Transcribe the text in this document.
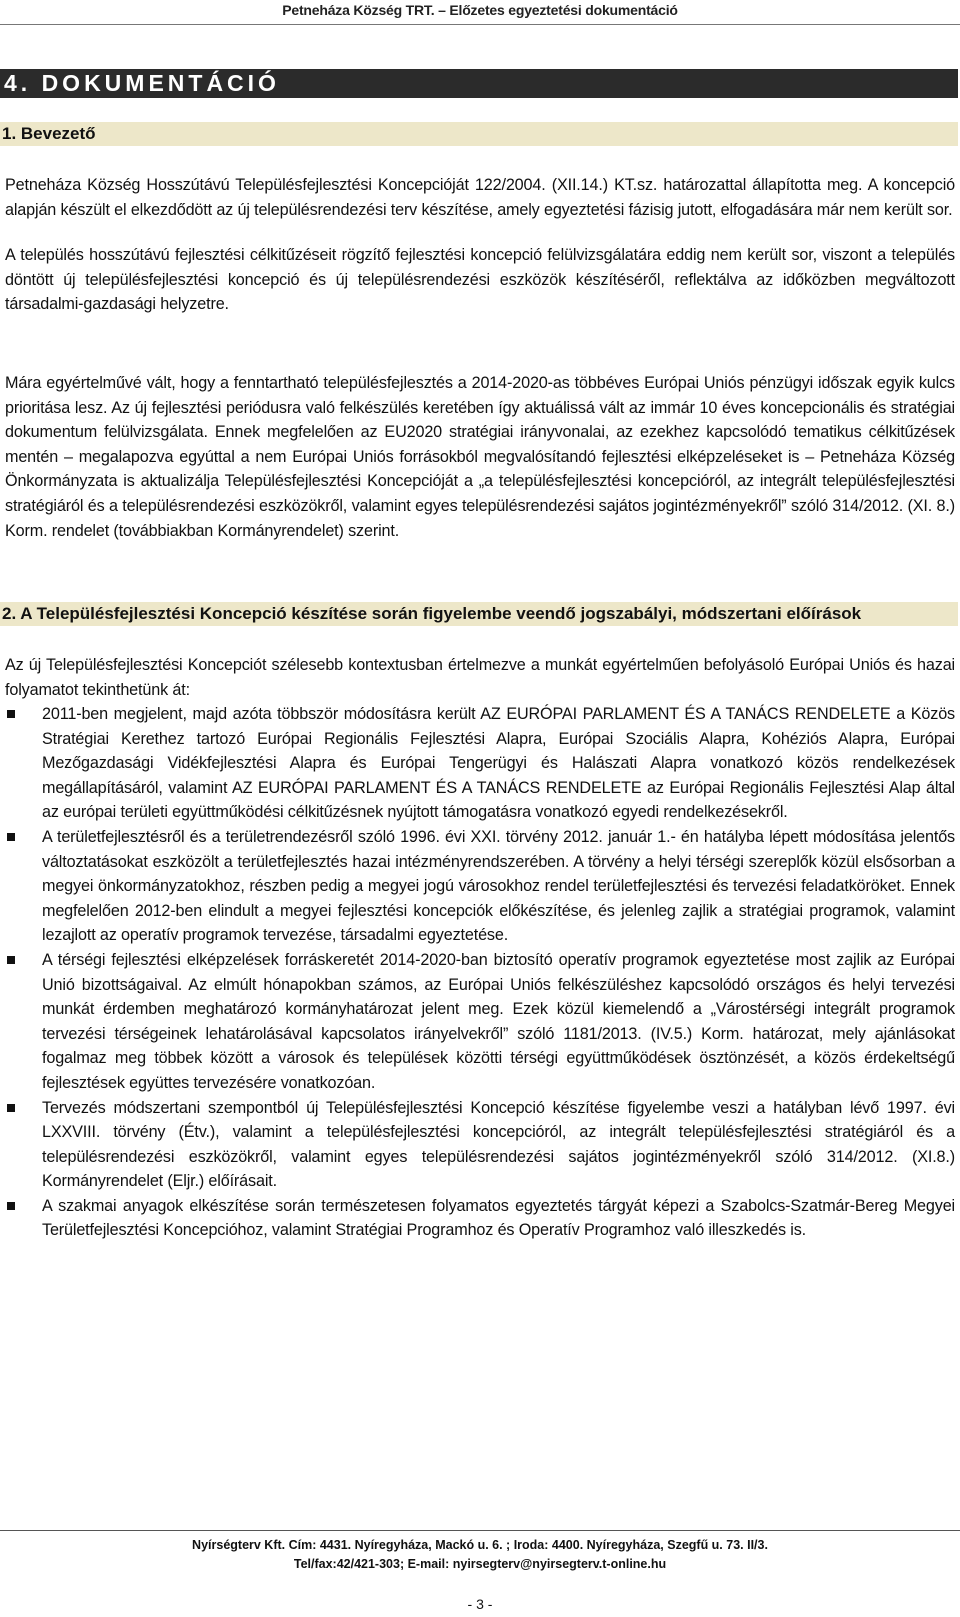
Petneháza Község TRT. – Előzetes egyeztetési dokumentáció
4. DOKUMENTÁCIÓ
1. Bevezető
Petneháza Község Hosszútávú Településfejlesztési Koncepcióját 122/2004. (XII.14.) KT.sz. határozattal állapította meg. A koncepció alapján készült el elkezdődött az új településrendezési terv készítése, amely egyeztetési fázisig jutott, elfogadására már nem került sor.
A település hosszútávú fejlesztési célkitűzéseit rögzítő fejlesztési koncepció felülvizsgálatára eddig nem került sor, viszont a település döntött új településfejlesztési koncepció és új településrendezési eszközök készítéséről, reflektálva az időközben megváltozott társadalmi-gazdasági helyzetre.
Mára egyértelművé vált, hogy a fenntartható településfejlesztés a 2014-2020-as többéves Európai Uniós pénzügyi időszak egyik kulcs prioritása lesz. Az új fejlesztési periódusra való felkészülés keretében így aktuálissá vált az immár 10 éves koncepcionális és stratégiai dokumentum felülvizsgálata. Ennek megfelelően az EU2020 stratégiai irányvonalai, az ezekhez kapcsolódó tematikus célkitűzések mentén – megalapozva egyúttal a nem Európai Uniós forrásokból megvalósítandó fejlesztési elképzeléseket is – Petneháza Község Önkormányzata is aktualizálja Településfejlesztési Koncepcióját a „a településfejlesztési koncepcióról, az integrált településfejlesztési stratégiáról és a településrendezési eszközökről, valamint egyes településrendezési sajátos jogintézményekről” szóló 314/2012. (XI. 8.) Korm. rendelet (továbbiakban Kormányrendelet) szerint.
2. A Településfejlesztési Koncepció készítése során figyelembe veendő jogszabályi, módszertani előírások
Az új Településfejlesztési Koncepciót szélesebb kontextusban értelmezve a munkát egyértelműen befolyásoló Európai Uniós és hazai folyamatot tekinthetünk át:
2011-ben megjelent, majd azóta többször módosításra került AZ EURÓPAI PARLAMENT ÉS A TANÁCS RENDELETE a Közös Stratégiai Kerethez tartozó Európai Regionális Fejlesztési Alapra, Európai Szociális Alapra, Kohéziós Alapra, Európai Mezőgazdasági Vidékfejlesztési Alapra és Európai Tengerügyi és Halászati Alapra vonatkozó közös rendelkezések megállapításáról, valamint AZ EURÓPAI PARLAMENT ÉS A TANÁCS RENDELETE az Európai Regionális Fejlesztési Alap által az európai területi együttműködési célkitűzésnek nyújtott támogatásra vonatkozó egyedi rendelkezésekről.
A területfejlesztésről és a területrendezésről szóló 1996. évi XXI. törvény 2012. január 1.- én hatályba lépett módosítása jelentős változtatásokat eszközölt a területfejlesztés hazai intézményrendszerében. A törvény a helyi térségi szereplők közül elsősorban a megyei önkormányzatokhoz, részben pedig a megyei jogú városokhoz rendel területfejlesztési és tervezési feladatköröket. Ennek megfelelően 2012-ben elindult a megyei fejlesztési koncepciók előkészítése, és jelenleg zajlik a stratégiai programok, valamint lezajlott az operatív programok tervezése, társadalmi egyeztetése.
A térségi fejlesztési elképzelések forráskeretét 2014-2020-ban biztosító operatív programok egyeztetése most zajlik az Európai Unió bizottságaival. Az elmúlt hónapokban számos, az Európai Uniós felkészüléshez kapcsolódó országos és helyi tervezési munkát érdemben meghatározó kormányhatározat jelent meg. Ezek közül kiemelendő a „Várostérségi integrált programok tervezési térségeinek lehatárolásával kapcsolatos irányelvekről” szóló 1181/2013. (IV.5.) Korm. határozat, mely ajánlásokat fogalmaz meg többek között a városok és települések közötti térségi együttműködések ösztönzését, a közös érdekeltségű fejlesztések együttes tervezésére vonatkozóan.
Tervezés módszertani szempontból új Településfejlesztési Koncepció készítése figyelembe veszi a hatályban lévő 1997. évi LXXVIII. törvény (Étv.), valamint a településfejlesztési koncepcióról, az integrált településfejlesztési stratégiáról és a településrendezési eszközökről, valamint egyes településrendezési sajátos jogintézményekről szóló 314/2012. (XI.8.) Kormányrendelet (Eljr.) előírásait.
A szakmai anyagok elkészítése során természetesen folyamatos egyeztetés tárgyát képezi a Szabolcs-Szatmár-Bereg Megyei Területfejlesztési Koncepcióhoz, valamint Stratégiai Programhoz és Operatív Programhoz való illeszkedés is.
Nyírségterv Kft. Cím: 4431. Nyíregyháza, Mackó u. 6. ; Iroda: 4400. Nyíregyháza, Szegfű u. 73. II/3.
Tel/fax:42/421-303; E-mail: nyirsegterv@nyirsegterv.t-online.hu
- 3 -
